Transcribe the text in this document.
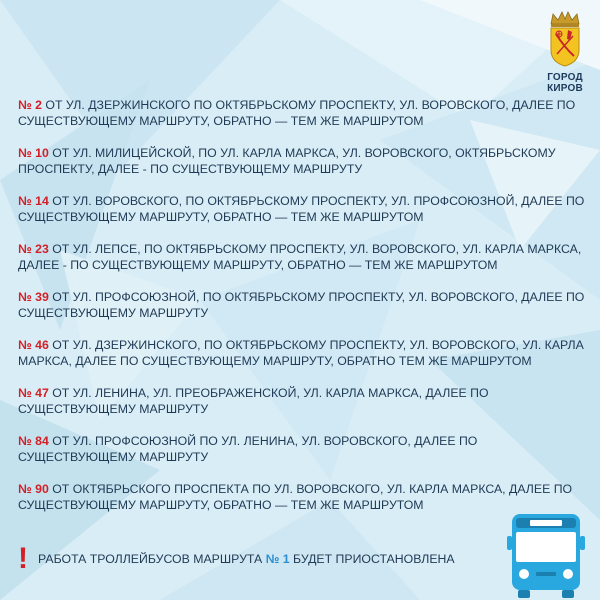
ГОРОД
КИРОВ
№ 2 ОТ УЛ. ДЗЕРЖИНСКОГО ПО ОКТЯБРЬСКОМУ ПРОСПЕКТУ, УЛ. ВОРОВСКОГО, ДАЛЕЕ ПО СУЩЕСТВУЮЩЕМУ МАРШРУТУ, ОБРАТНО — ТЕМ ЖЕ МАРШРУТОМ
№ 10 ОТ УЛ. МИЛИЦЕЙСКОЙ, ПО УЛ. КАРЛА МАРКСА, УЛ. ВОРОВСКОГО, ОКТЯБРЬСКОМУ ПРОСПЕКТУ, ДАЛЕЕ - ПО СУЩЕСТВУЮЩЕМУ МАРШРУТУ
№ 14 ОТ УЛ. ВОРОВСКОГО, ПО ОКТЯБРЬСКОМУ ПРОСПЕКТУ, УЛ. ПРОФСОЮЗНОЙ, ДАЛЕЕ ПО СУЩЕСТВУЮЩЕМУ МАРШРУТУ, ОБРАТНО — ТЕМ ЖЕ МАРШРУТОМ
№ 23 ОТ УЛ. ЛЕПСЕ, ПО ОКТЯБРЬСКОМУ ПРОСПЕКТУ, УЛ. ВОРОВСКОГО, УЛ. КАРЛА МАРКСА, ДАЛЕЕ - ПО СУЩЕСТВУЮЩЕМУ МАРШРУТУ, ОБРАТНО — ТЕМ ЖЕ МАРШРУТОМ
№ 39 ОТ УЛ. ПРОФСОЮЗНОЙ, ПО ОКТЯБРЬСКОМУ ПРОСПЕКТУ, УЛ. ВОРОВСКОГО, ДАЛЕЕ ПО СУЩЕСТВУЮЩЕМУ МАРШРУТУ
№ 46 ОТ УЛ. ДЗЕРЖИНСКОГО, ПО ОКТЯБРЬСКОМУ ПРОСПЕКТУ, УЛ. ВОРОВСКОГО, УЛ. КАРЛА МАРКСА, ДАЛЕЕ ПО СУЩЕСТВУЮЩЕМУ МАРШРУТУ, ОБРАТНО ТЕМ ЖЕ МАРШРУТОМ
№ 47 ОТ УЛ. ЛЕНИНА, УЛ. ПРЕОБРАЖЕНСКОЙ, УЛ. КАРЛА МАРКСА, ДАЛЕЕ ПО СУЩЕСТВУЮЩЕМУ МАРШРУТУ
№ 84 ОТ УЛ. ПРОФСОЮЗНОЙ ПО УЛ. ЛЕНИНА, УЛ. ВОРОВСКОГО, ДАЛЕЕ ПО СУЩЕСТВУЮЩЕМУ МАРШРУТУ
№ 90 ОТ ОКТЯБРЬСКОГО ПРОСПЕКТА ПО УЛ. ВОРОВСКОГО, УЛ. КАРЛА МАРКСА, ДАЛЕЕ ПО СУЩЕСТВУЮЩЕМУ МАРШРУТУ, ОБРАТНО — ТЕМ ЖЕ МАРШРУТОМ
! РАБОТА ТРОЛЛЕЙБУСОВ МАРШРУТА
№ 1
БУДЕТ ПРИОСТАНОВЛЕНА
